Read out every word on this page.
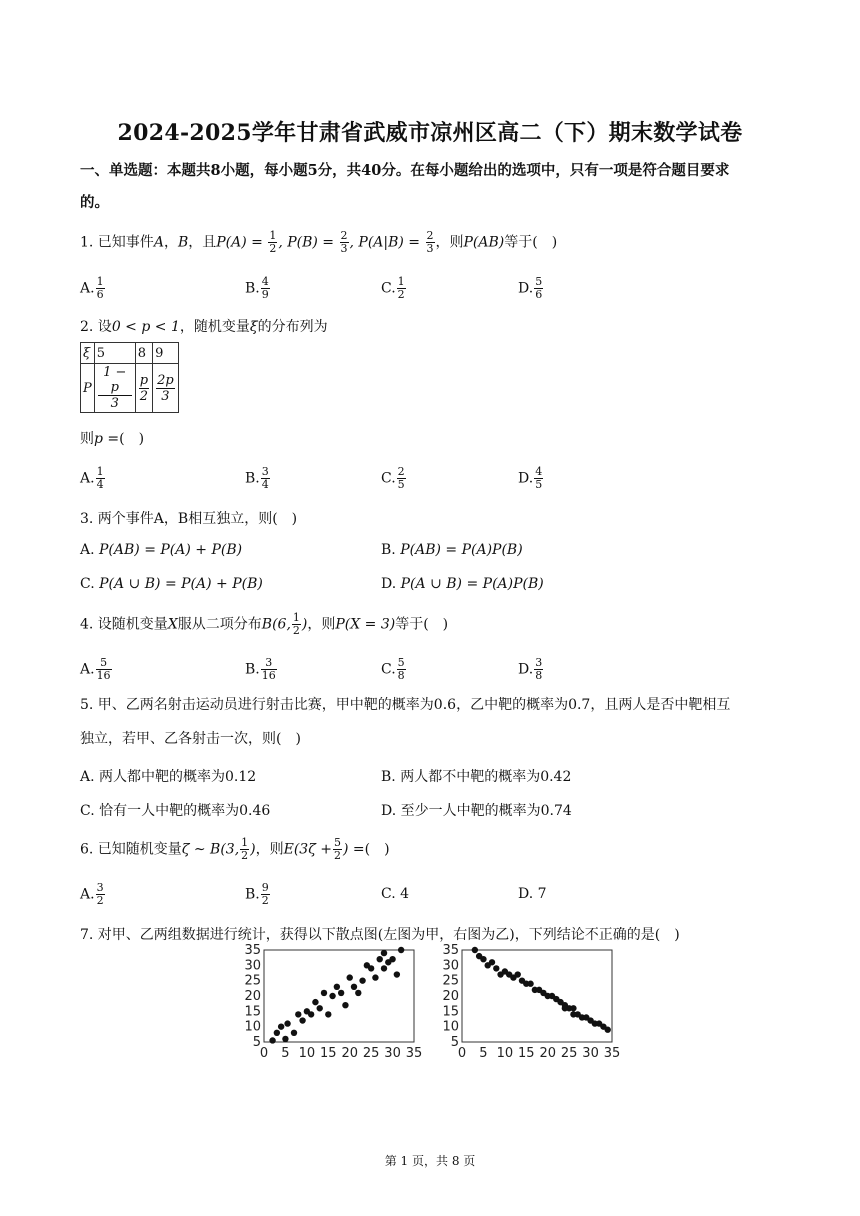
2024-2025学年甘肃省武威市凉州区高二（下）期末数学试卷
一、单选题：本题共8小题，每小题5分，共40分。在每小题给出的选项中，只有一项是符合题目要求
的。
1. 已知事件A，B，且$P(A) = \frac{1}{2}$ , $P(B) = \frac{2}{3}$ , $P(A|B) = \frac{2}{3}$ ，则P(AB)等于(　)
A. $\frac{1}{6}$	B. $\frac{4}{9}$	C. $\frac{1}{2}$	D. $\frac{5}{6}$
2. 设0 < p < 1，随机变量ξ的分布列为
ξ	5	8	9
P	$\frac{1 - p}{3}$	$\frac{p}{2}$	$\frac{2p}{3}$
则p =(　)
A. $\frac{1}{4}$	B. $\frac{3}{4}$	C. $\frac{2}{5}$	D. $\frac{4}{5}$
3. 两个事件A，B相互独立，则(　)
A. P(AB) = P(A) + P(B)	B. P(AB) = P(A)P(B)
C. P(A ∪ B) = P(A) + P(B)	D. P(A ∪ B) = P(A)P(B)
4. 设随机变量X服从二项分布B(6, $\frac{1}{2}$ )，则P(X = 3)等于(　)
A. $\frac{5}{16}$	B. $\frac{3}{16}$	C. $\frac{5}{8}$	D. $\frac{3}{8}$
5. 甲、乙两名射击运动员进行射击比赛，甲中靶的概率为0.6，乙中靶的概率为0.7，且两人是否中靶相互
独立，若甲、乙各射击一次，则(　)
A. 两人都中靶的概率为0.12	B. 两人都不中靶的概率为0.42
C. 恰有一人中靶的概率为0.46	D. 至少一人中靶的概率为0.74
6. 已知随机变量ζ ∼ B(3, $\frac{1}{2}$ )，则$E(3\zeta + \frac{5}{2}$ ) =(　)
A. $\frac{3}{2}$	B. $\frac{9}{2}$	C. 4	D. 7
7. 对甲、乙两组数据进行统计，获得以下散点图(左图为甲，右图为乙)，下列结论不正确的是(　)
0 5 10 15 20 25 30 35
35
30
25
20
15
10
5
0 5 10 15 20 25 30 35
35
30
25
20
15
10
5
第 1 页，共 8 页
